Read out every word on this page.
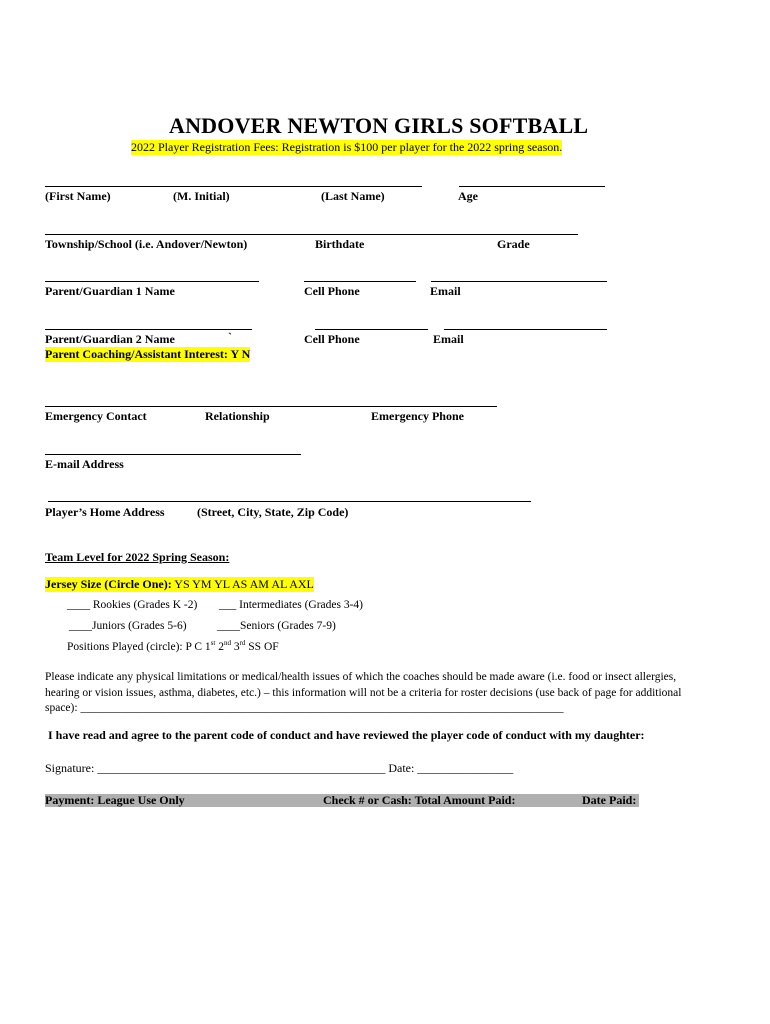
ANDOVER NEWTON GIRLS SOFTBALL
2022 Player Registration Fees: Registration is $100 per player for the 2022 spring season.
(First Name)	(M. Initial)	(Last Name)	Age
Township/School (i.e. Andover/Newton)	Birthdate	Grade
Parent/Guardian 1 Name	Cell Phone	Email
Parent/Guardian 2 Name	`	Cell Phone	Email
Parent Coaching/Assistant Interest: Y N
Emergency Contact	Relationship	Emergency Phone
E-mail Address
Player’s Home Address	(Street, City, State, Zip Code)
Team Level for 2022 Spring Season:
Jersey Size (Circle One): YS YM YL AS AM AL AXL
____ Rookies (Grades K -2) ___ Intermediates (Grades 3-4)
____Juniors (Grades 5-6)	____Seniors (Grades 7-9)
Positions Played (circle): P C 1st 2nd 3rd SS OF
Please indicate any physical limitations or medical/health issues of which the coaches should be made aware (i.e. food or insect allergies, hearing or vision issues, asthma, diabetes, etc.) – this information will not be a criteria for roster decisions (use back of page for additional space): ____________________________________________________________________________________
I have read and agree to the parent code of conduct and have reviewed the player code of conduct with my daughter:
Signature: ________________________________________________ Date: ________________
Payment: League Use Only	Check # or Cash: Total Amount Paid:	Date Paid:
